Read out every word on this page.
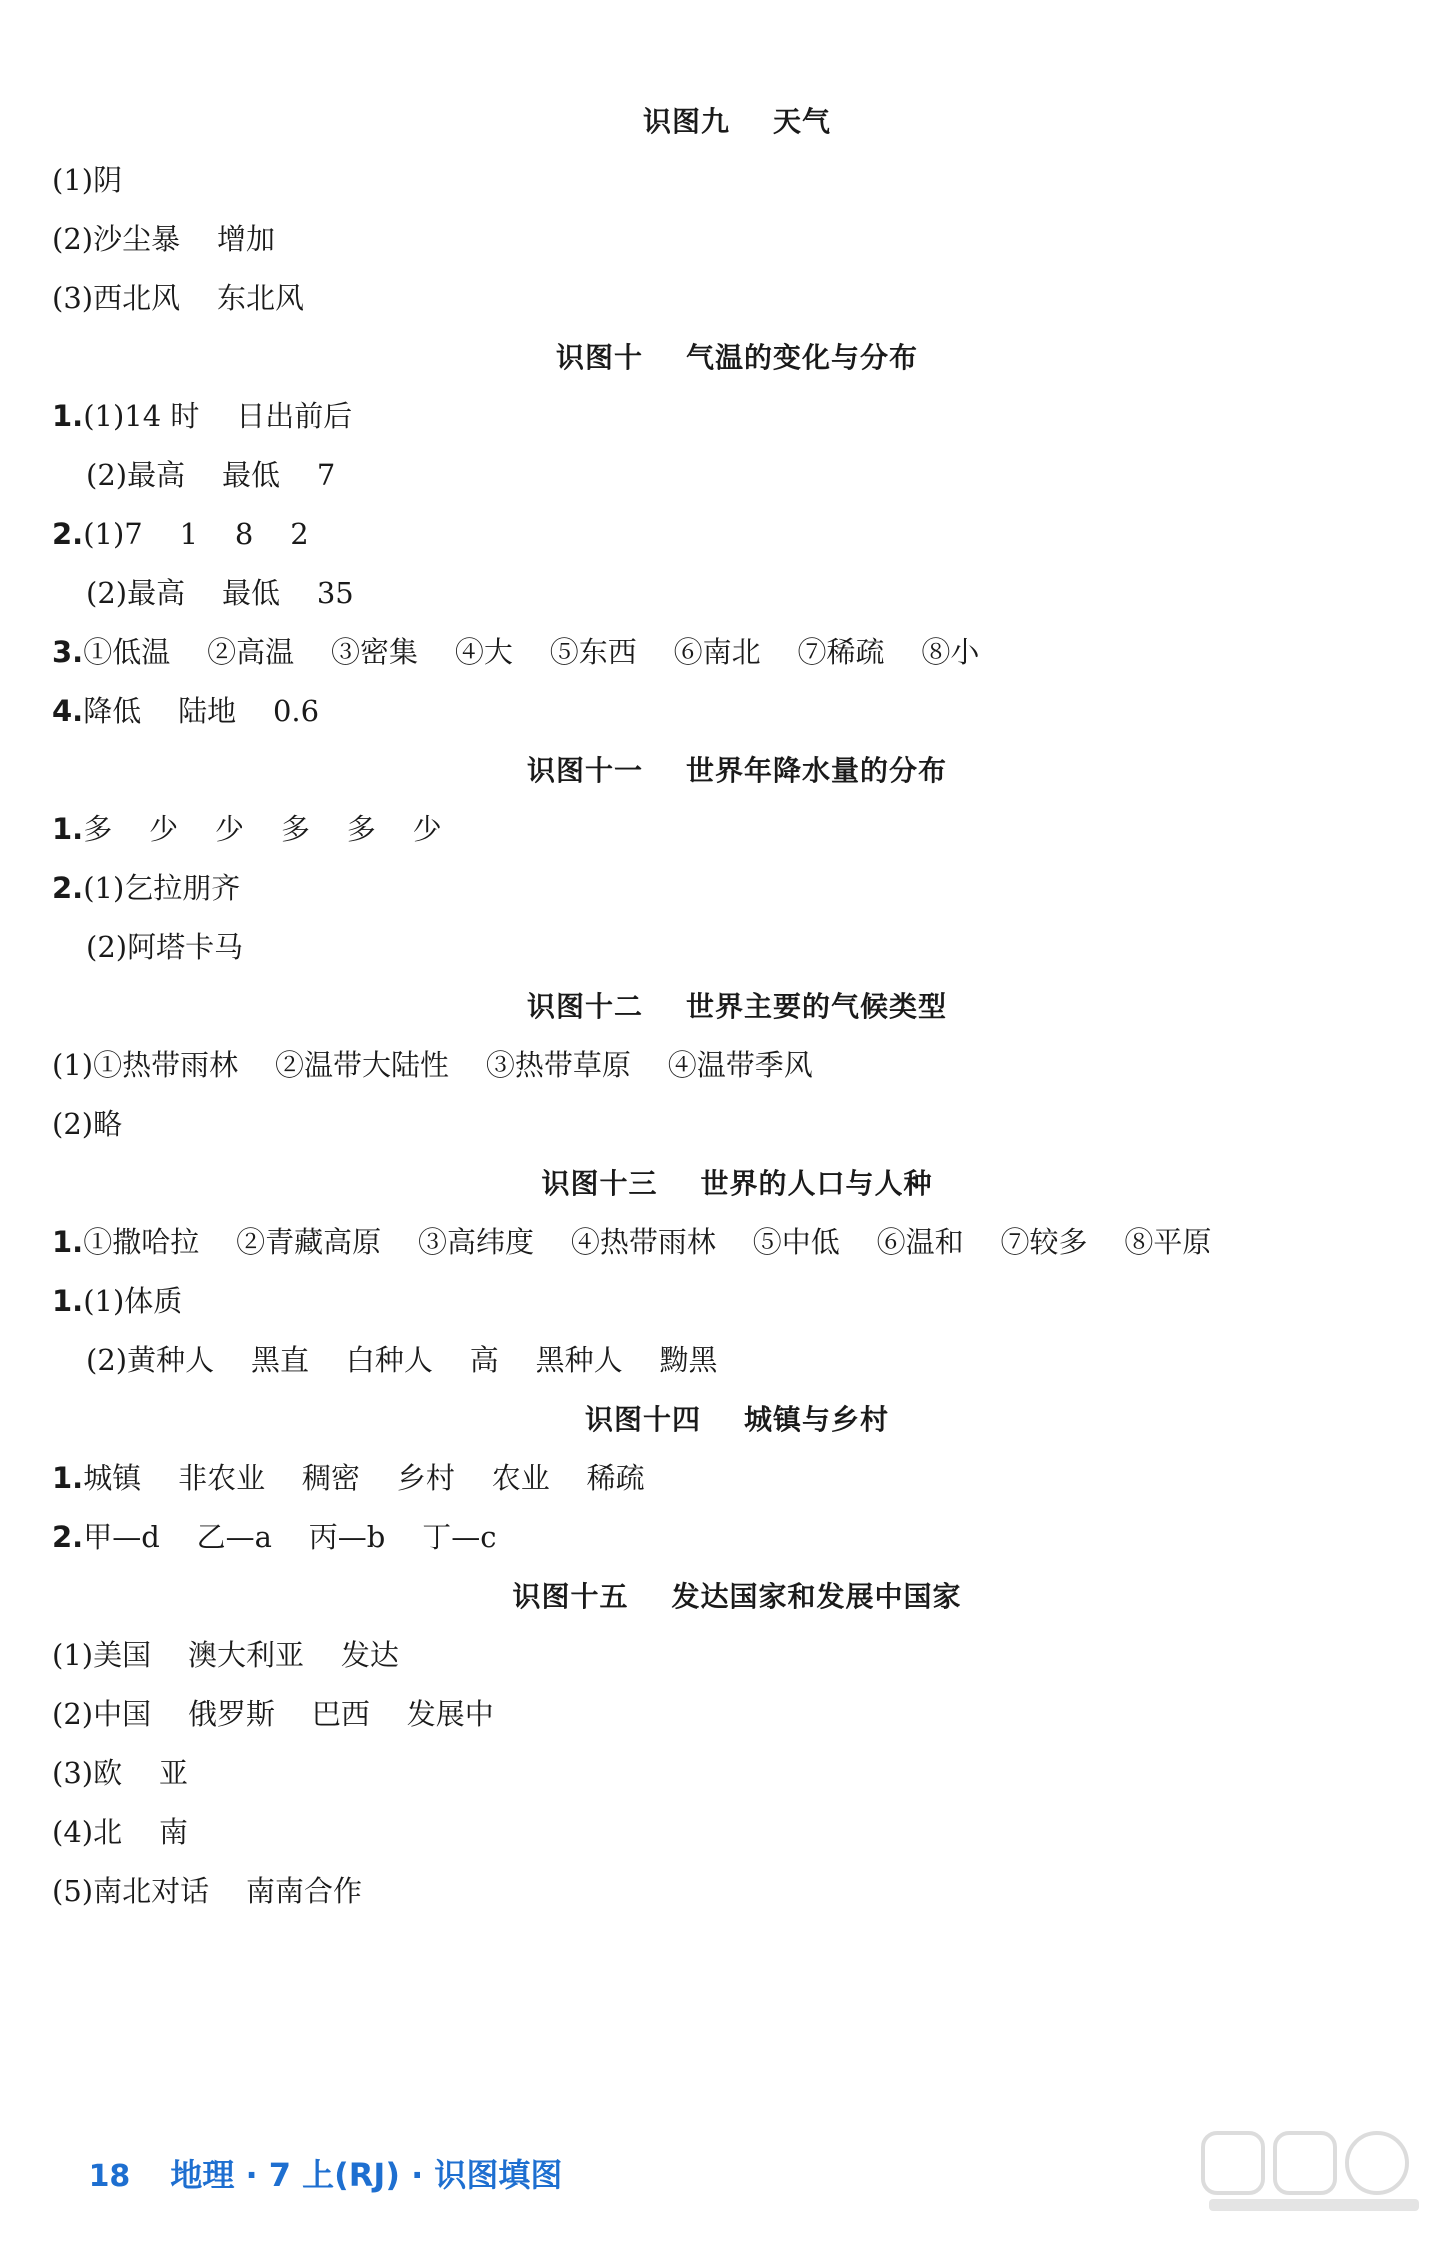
识图九    天气
(1)阴
(2)沙尘暴    增加
(3)西北风    东北风
识图十    气温的变化与分布
1.(1)14 时    日出前后
(2)最高    最低    7
2.(1)7    1    8    2
(2)最高    最低    35
3.①低温    ②高温    ③密集    ④大    ⑤东西    ⑥南北    ⑦稀疏    ⑧小
4.降低    陆地    0.6
识图十一    世界年降水量的分布
1.多    少    少    多    多    少
2.(1)乞拉朋齐
(2)阿塔卡马
识图十二    世界主要的气候类型
(1)①热带雨林    ②温带大陆性    ③热带草原    ④温带季风
(2)略
识图十三    世界的人口与人种
1.①撒哈拉    ②青藏高原    ③高纬度    ④热带雨林    ⑤中低    ⑥温和    ⑦较多    ⑧平原
1.(1)体质
(2)黄种人    黑直    白种人    高    黑种人    黝黑
识图十四    城镇与乡村
1.城镇    非农业    稠密    乡村    农业    稀疏
2.甲—d    乙—a    丙—b    丁—c
识图十五    发达国家和发展中国家
(1)美国    澳大利亚    发达
(2)中国    俄罗斯    巴西    发展中
(3)欧    亚
(4)北    南
(5)南北对话    南南合作

18 地理 · 7 上(RJ) · 识图填图
